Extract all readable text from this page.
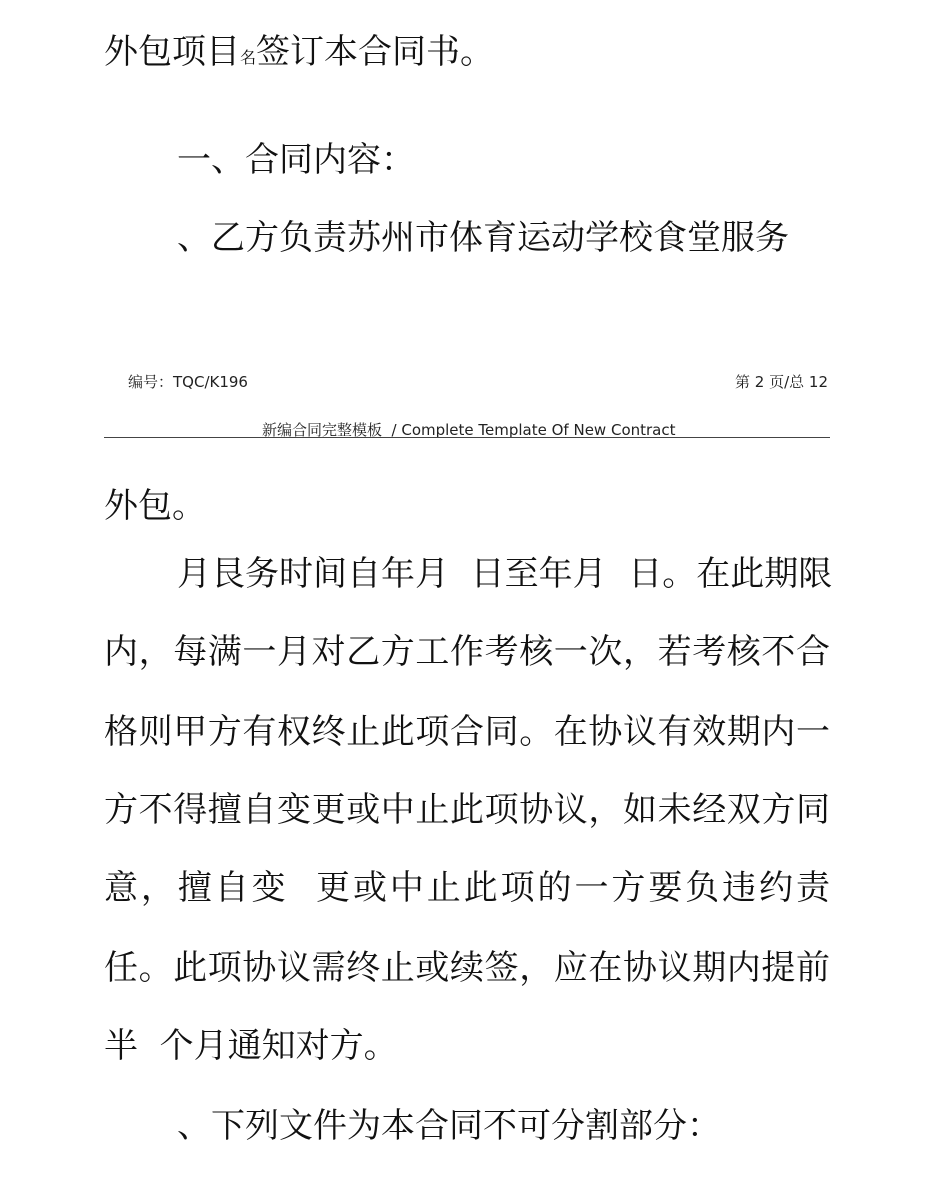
外包项目名签订本合同书。

一、合同内容：

、乙方负责苏州市体育运动学校食堂服务

编号：TQC/K196	第 2 页/总 12
新编合同完整模板  / Complete Template Of New Contract

外包。

月艮务时间自年月  日至年月  日。在此期限

内，每满一月对乙方工作考核一次，若考核不合

格则甲方有权终止此项合同。在协议有效期内一

方不得擅自变更或中止此项协议，如未经双方同

意，擅自变  更或中止此项的一方要负违约责

任。此项协议需终止或续签，应在协议期内提前

半  个月通知对方。

、下列文件为本合同不可分割部分：
